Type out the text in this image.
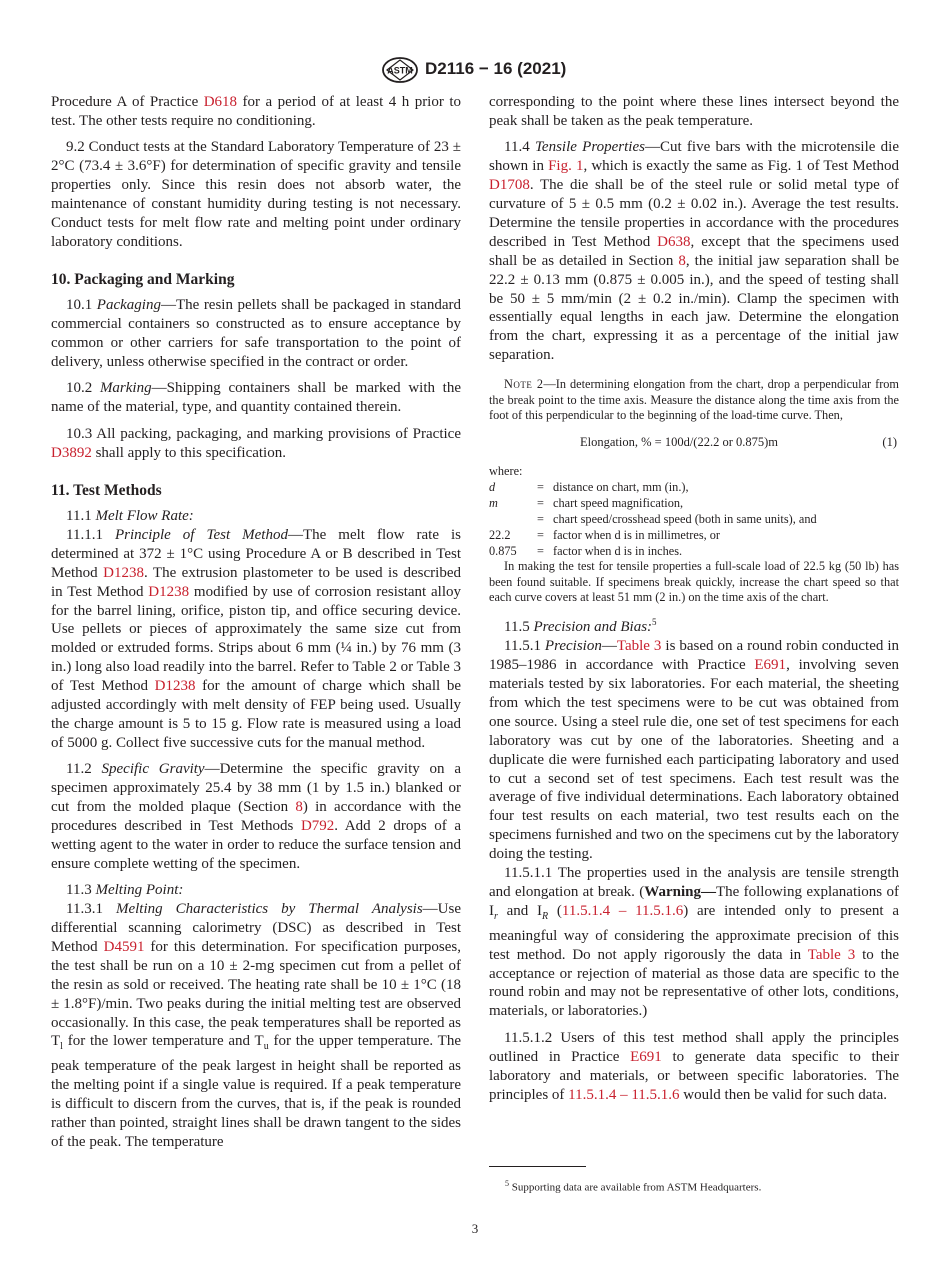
ASTM D2116 − 16 (2021)

Procedure A of Practice D618 for a period of at least 4 h prior to test. The other tests require no conditioning.

9.2 Conduct tests at the Standard Laboratory Temperature of 23 ± 2°C (73.4 ± 3.6°F) for determination of specific gravity and tensile properties only. Since this resin does not absorb water, the maintenance of constant humidity during testing is not necessary. Conduct tests for melt flow rate and melting point under ordinary laboratory conditions.

10. Packaging and Marking

10.1 Packaging—The resin pellets shall be packaged in standard commercial containers so constructed as to ensure acceptance by common or other carriers for safe transportation to the point of delivery, unless otherwise specified in the contract or order.

10.2 Marking—Shipping containers shall be marked with the name of the material, type, and quantity contained therein.

10.3 All packing, packaging, and marking provisions of Practice D3892 shall apply to this specification.

11. Test Methods

11.1 Melt Flow Rate:

11.1.1 Principle of Test Method—The melt flow rate is determined at 372 ± 1°C using Procedure A or B described in Test Method D1238. The extrusion plastometer to be used is described in Test Method D1238 modified by use of corrosion resistant alloy for the barrel lining, orifice, piston tip, and office securing device. Use pellets or pieces of approximately the same size cut from molded or extruded forms. Strips about 6 mm (¼ in.) by 76 mm (3 in.) long also load readily into the barrel. Refer to Table 2 or Table 3 of Test Method D1238 for the amount of charge which shall be adjusted accordingly with melt density of FEP being used. Usually the charge amount is 5 to 15 g. Flow rate is measured using a load of 5000 g. Collect five successive cuts for the manual method.

11.2 Specific Gravity—Determine the specific gravity on a specimen approximately 25.4 by 38 mm (1 by 1.5 in.) blanked or cut from the molded plaque (Section 8) in accordance with the procedures described in Test Methods D792. Add 2 drops of a wetting agent to the water in order to reduce the surface tension and ensure complete wetting of the specimen.

11.3 Melting Point:

11.3.1 Melting Characteristics by Thermal Analysis—Use differential scanning calorimetry (DSC) as described in Test Method D4591 for this determination. For specification purposes, the test shall be run on a 10 ± 2-mg specimen cut from a pellet of the resin as sold or received. The heating rate shall be 10 ± 1°C (18 ± 1.8°F)/min. Two peaks during the initial melting test are observed occasionally. In this case, the peak temperatures shall be reported as $T_l$ for the lower temperature and $T_u$ for the upper temperature. The peak temperature of the peak largest in height shall be reported as the melting point if a single value is required. If a peak temperature is difficult to discern from the curves, that is, if the peak is rounded rather than pointed, straight lines shall be drawn tangent to the sides of the peak. The temperature

corresponding to the point where these lines intersect beyond the peak shall be taken as the peak temperature.

11.4 Tensile Properties—Cut five bars with the microtensile die shown in Fig. 1, which is exactly the same as Fig. 1 of Test Method D1708. The die shall be of the steel rule or solid metal type of curvature of 5 ± 0.5 mm (0.2 ± 0.02 in.). Average the test results. Determine the tensile properties in accordance with the procedures described in Test Method D638, except that the specimens used shall be as detailed in Section 8, the initial jaw separation shall be 22.2 ± 0.13 mm (0.875 ± 0.005 in.), and the speed of testing shall be 50 ± 5 mm/min (2 ± 0.2 in./min). Clamp the specimen with essentially equal lengths in each jaw. Determine the elongation from the chart, expressing it as a percentage of the initial jaw separation.

Note 2—In determining elongation from the chart, drop a perpendicular from the break point to the time axis. Measure the distance along the time axis from the foot of this perpendicular to the beginning of the load-time curve. Then,

Elongation, % = 100d/(22.2 or 0.875)m	(1)

where:

d	= distance on chart, mm (in.),
m	= chart speed magnification,
= chart speed/crosshead speed (both in same units), and
22.2	= factor when d is in millimetres, or
0.875	= factor when d is in inches.

In making the test for tensile properties a full-scale load of 22.5 kg (50 lb) has been found suitable. If specimens break quickly, increase the chart speed so that each curve covers at least 51 mm (2 in.) on the time axis of the chart.

11.5 Precision and Bias:$^5$

11.5.1 Precision—Table 3 is based on a round robin conducted in 1985–1986 in accordance with Practice E691, involving seven materials tested by six laboratories. For each material, the sheeting from which the test specimens were to be cut was obtained from one source. Using a steel rule die, one set of test specimens for each laboratory was cut by one of the laboratories. Sheeting and a duplicate die were furnished each participating laboratory and used to cut a second set of test specimens. Each test result was the average of five individual determinations. Each laboratory obtained four test results on each material, two test results each on the specimens furnished and two on the specimens cut by the laboratory doing the testing.

11.5.1.1 The properties used in the analysis are tensile strength and elongation at break. (Warning—The following explanations of $I_r$ and $I_R$ (11.5.1.4 – 11.5.1.6) are intended only to present a meaningful way of considering the approximate precision of this test method. Do not apply rigorously the data in Table 3 to the acceptance or rejection of material as those data are specific to the round robin and may not be representative of other lots, conditions, materials, or laboratories.)

11.5.1.2 Users of this test method shall apply the principles outlined in Practice E691 to generate data specific to their laboratory and materials, or between specific laboratories. The principles of 11.5.1.4 – 11.5.1.6 would then be valid for such data.

$^5$ Supporting data are available from ASTM Headquarters.
3
